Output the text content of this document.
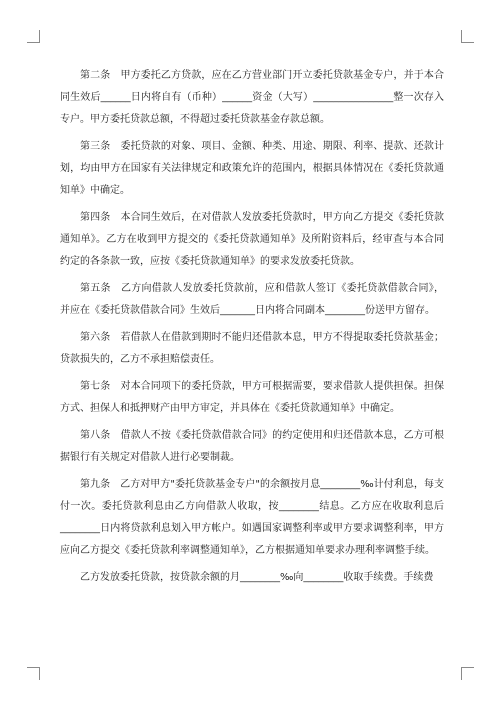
第二条　甲方委托乙方贷款，应在乙方营业部门开立委托贷款基金专户，并于本合同生效后______日内将自有（币种）______资金（大写）________________整一次存入专户。甲方委托贷款总额，不得超过委托贷款基金存款总额。

第三条　委托贷款的对象、项目、金额、种类、用途、期限、利率、提款、还款计划，均由甲方在国家有关法律规定和政策允许的范围内，根据具体情况在《委托贷款通知单》中确定。

第四条　本合同生效后，在对借款人发放委托贷款时，甲方向乙方提交《委托贷款通知单》。乙方在收到甲方提交的《委托贷款通知单》及所附资料后，经审查与本合同约定的各条款一致，应按《委托贷款通知单》的要求发放委托贷款。

第五条　乙方向借款人发放委托贷款前，应和借款人签订《委托贷款借款合同》，并应在《委托贷款借款合同》生效后_______日内将合同副本________份送甲方留存。

第六条　若借款人在借款到期时不能归还借款本息，甲方不得提取委托贷款基金；贷款损失的，乙方不承担赔偿责任。

第七条　对本合同项下的委托贷款，甲方可根据需要，要求借款人提供担保。担保方式、担保人和抵押财产由甲方审定，并具体在《委托贷款通知单》中确定。

第八条　借款人不按《委托贷款借款合同》的约定使用和归还借款本息，乙方可根据银行有关规定对借款人进行必要制裁。

第九条　乙方对甲方"委托贷款基金专户"的余额按月息________‰计付利息，每支付一次。委托贷款利息由乙方向借款人收取，按________结息。乙方应在收取利息后________日内将贷款利息划入甲方帐户。如遇国家调整利率或甲方要求调整利率，甲方应向乙方提交《委托贷款利率调整通知单》，乙方根据通知单要求办理利率调整手续。

乙方发放委托贷款，按贷款余额的月________‰向________收取手续费。手续费
